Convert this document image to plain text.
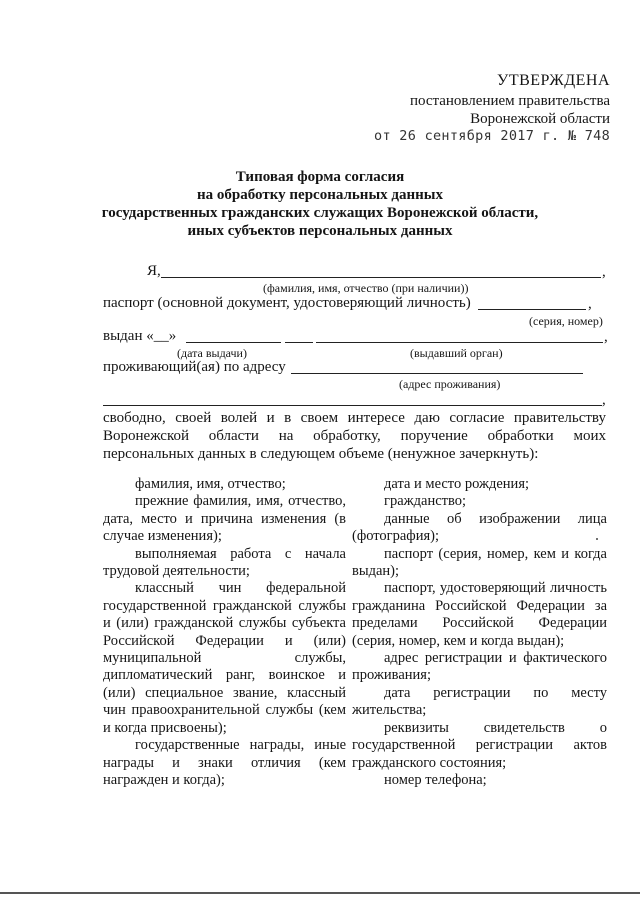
УТВЕРЖДЕНА
постановлением правительства
Воронежской области
от 26 сентября 2017 г. № 748
Типовая форма согласия
на обработку персональных данных
государственных гражданских служащих Воронежской области,
иных субъектов персональных данных
Я,	,
(фамилия, имя, отчество (при наличии))
паспорт (основной документ, удостоверяющий личность)	,
(серия, номер)
выдан «__»	,
(дата выдачи)	(выдавший орган)
проживающий(ая) по адресу
(адрес проживания)
,
свободно, своей волей и в своем интересе даю согласие правительству
Воронежской области на обработку, поручение обработки моих
персональных данных в следующем объеме (ненужное зачеркнуть):

фамилия, имя, отчество;

прежние фамилия, имя, отчество, дата, место и причина изменения (в случае изменения);

выполняемая работа с начала трудовой деятельности;

классный чин федеральной государственной гражданской службы и (или) гражданской службы субъекта Российской Федерации и (или) муниципальной службы, дипломатический ранг, воинское и (или) специальное звание, классный чин правоохранительной службы (кем и когда присвоены);

государственные награды, иные награды и знаки отличия (кем награжден и когда);

дата и место рождения;

гражданство;

данные об изображении лица (фотография);

паспорт (серия, номер, кем и когда выдан);

паспорт, удостоверяющий личность гражданина Российской Федерации за пределами Российской Федерации (серия, номер, кем и когда выдан);

адрес регистрации и фактического проживания;

дата регистрации по месту жительства;

реквизиты свидетельств о государственной регистрации актов гражданского состояния;

номер телефона;
